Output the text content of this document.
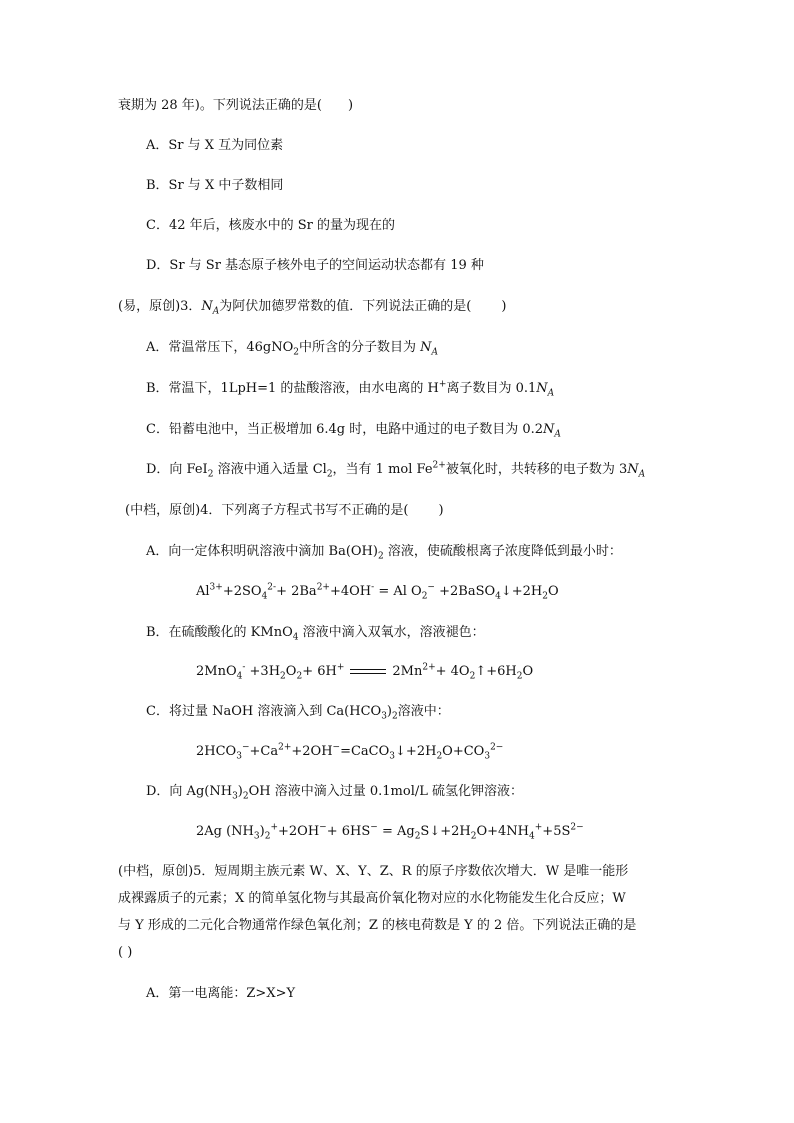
衰期为 28 年)。下列说法正确的是( )
A．Sr 与 X 互为同位素
B．Sr 与 X 中子数相同
C．42 年后，核废水中的 Sr 的量为现在的
D．Sr 与 Sr 基态原子核外电子的空间运动状态都有 19 种
(易，原创)3．$N_A$为阿伏加德罗常数的值．下列说法正确的是( )
A．常温常压下，46gNO$_2$中所含的分子数目为 $N_A$
B．常温下，1LpH=1 的盐酸溶液，由水电离的 H+离子数目为 $0.1N_A$
C．铅蓄电池中，当正极增加 6.4g 时，电路中通过的电子数目为 $0.2N_A$
D．向 FeI$_2$ 溶液中通入适量 $Cl_2$，当有 1 mol $Fe^{2+}$被氧化时，共转移的电子数为 $3N_A$
(中档，原创)4．下列离子方程式书写不正确的是( )
A．向一定体积明矾溶液中滴加 $Ba(OH)_2$ 溶液，使硫酸根离子浓度降低到最小时：
$Al^{3+}+2SO_4^{2-}+ 2Ba^{2+}+4OH^- = Al$ $O_2^-$ $+2BaSO_4↓+2H_2O$
B．在硫酸酸化的 KMnO$_4$ 溶液中滴入双氧水，溶液褪色：
$2MnO_4^- +3H_2O_2+ 6H^+$	$2Mn^{2+}+$ $4O_2↑+6H_2O$
C．将过量 NaOH 溶液滴入到 $Ca(HCO_3)_2$溶液中：
$2HCO_3^-+Ca^{2+}+2OH^-=CaCO_3↓+2H_2O+CO_3^{2-}$
D．向 $Ag(NH_3)_2OH$ 溶液中滴入过量 0.1mol/L 硫氢化钾溶液：
2Ag $(NH_3)_2^++2OH^-+ 6HS^-$ = $Ag_2S↓+2H_2O+4NH_4^++5S^{2-}$
(中档，原创)5．短周期主族元素 W、X、Y、Z、R 的原子序数依次增大．W 是唯一能形
成裸露质子的元素；X 的简单氢化物与其最高价氧化物对应的水化物能发生化合反应；W
与 Y 形成的二元化合物通常作绿色氧化剂；Z 的核电荷数是 Y 的 2 倍。下列说法正确的是
( )
A．第一电离能：Z>X>Y
